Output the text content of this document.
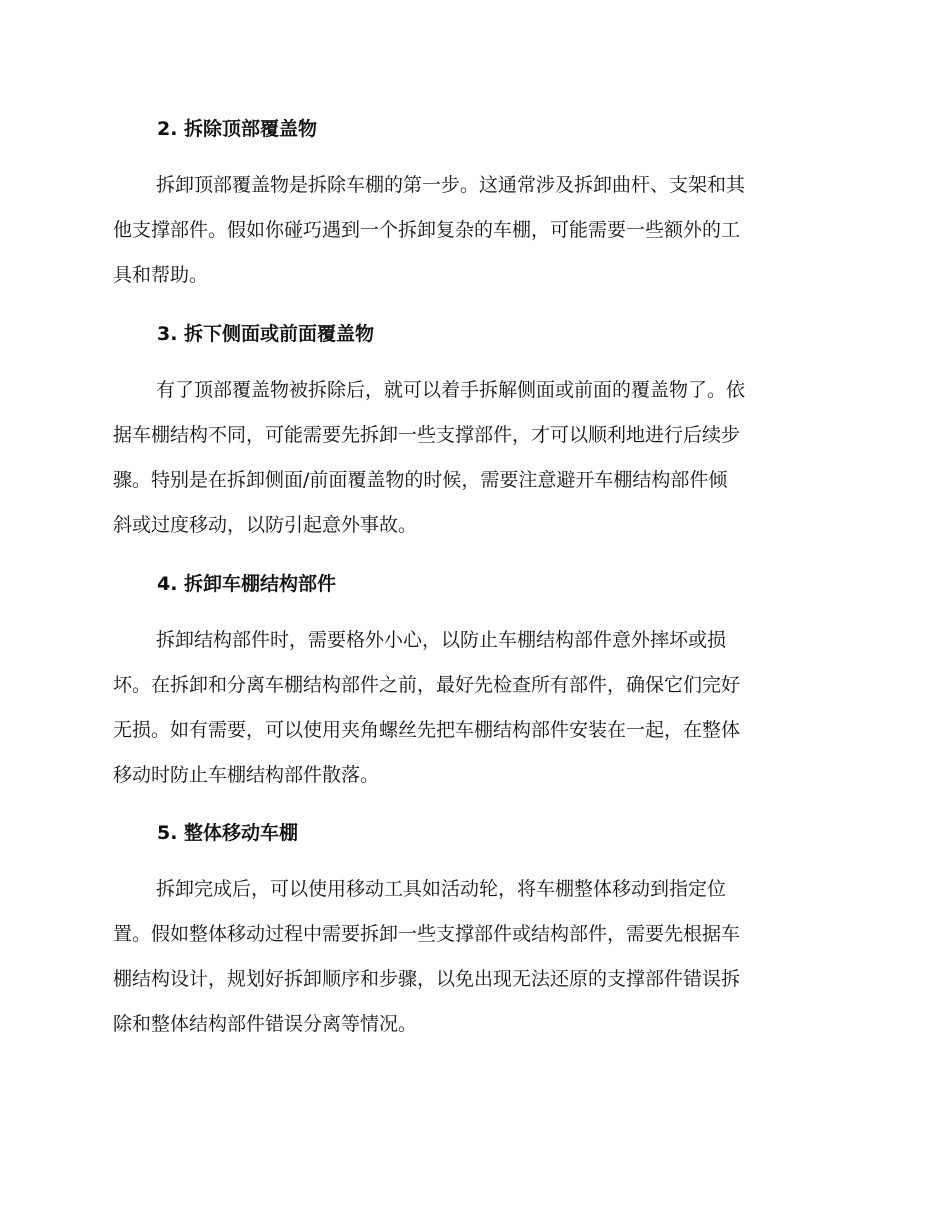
2. 拆除顶部覆盖物

拆卸顶部覆盖物是拆除车棚的第一步。这通常涉及拆卸曲杆、支架和其
他支撑部件。假如你碰巧遇到一个拆卸复杂的车棚，可能需要一些额外的工
具和帮助。

3. 拆下侧面或前面覆盖物

有了顶部覆盖物被拆除后，就可以着手拆解侧面或前面的覆盖物了。依
据车棚结构不同，可能需要先拆卸一些支撑部件，才可以顺利地进行后续步
骤。特别是在拆卸侧面/前面覆盖物的时候，需要注意避开车棚结构部件倾
斜或过度移动，以防引起意外事故。

4. 拆卸车棚结构部件

拆卸结构部件时，需要格外小心，以防止车棚结构部件意外摔坏或损
坏。在拆卸和分离车棚结构部件之前，最好先检查所有部件，确保它们完好
无损。如有需要，可以使用夹角螺丝先把车棚结构部件安装在一起，在整体
移动时防止车棚结构部件散落。

5. 整体移动车棚

拆卸完成后，可以使用移动工具如活动轮，将车棚整体移动到指定位
置。假如整体移动过程中需要拆卸一些支撑部件或结构部件，需要先根据车
棚结构设计，规划好拆卸顺序和步骤，以免出现无法还原的支撑部件错误拆
除和整体结构部件错误分离等情况。
